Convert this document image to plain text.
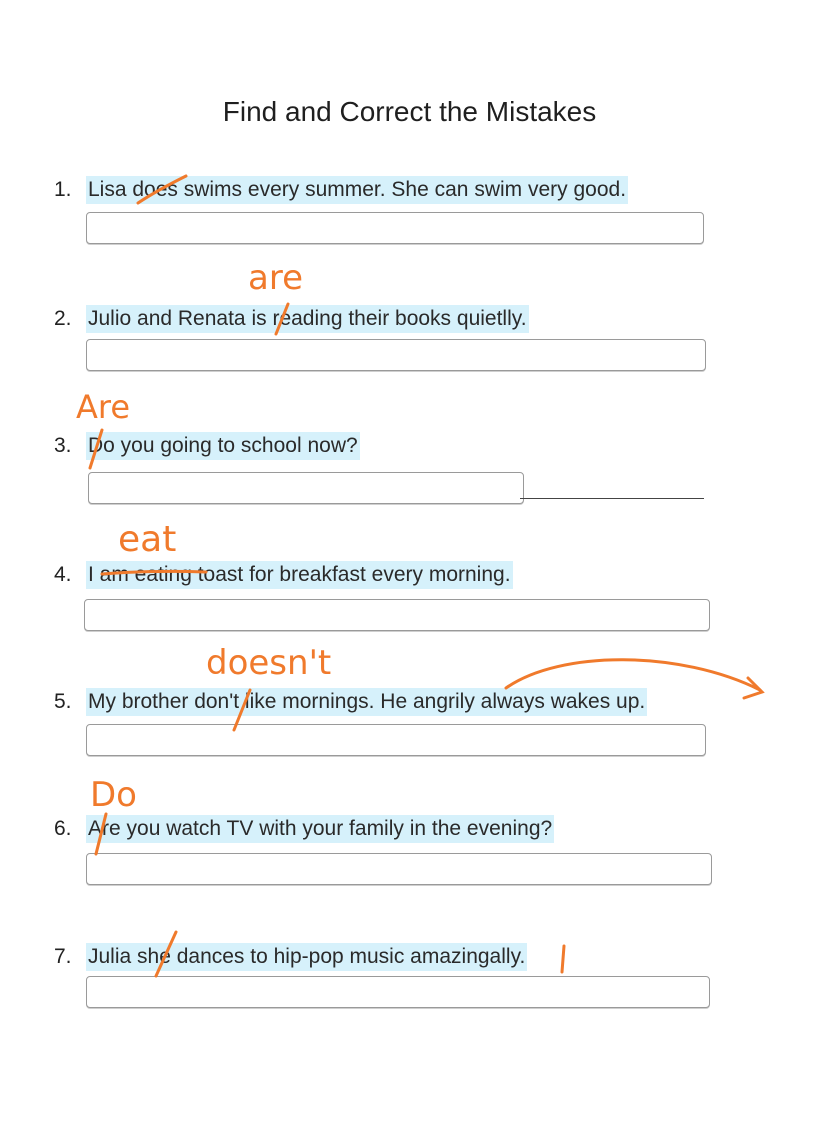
Find and Correct the Mistakes
1. Lisa does swims every summer. She can swim very good.
2. Julio and Renata is reading their books quietlly.
3. Do you going to school now?
4. I am eating toast for breakfast every morning.
5. My brother don't like mornings. He angrily always wakes up.
6. Are you watch TV with your family in the evening?
7. Julia she dances to hip-pop music amazingally.
are
Are
eat
doesn't
Do
